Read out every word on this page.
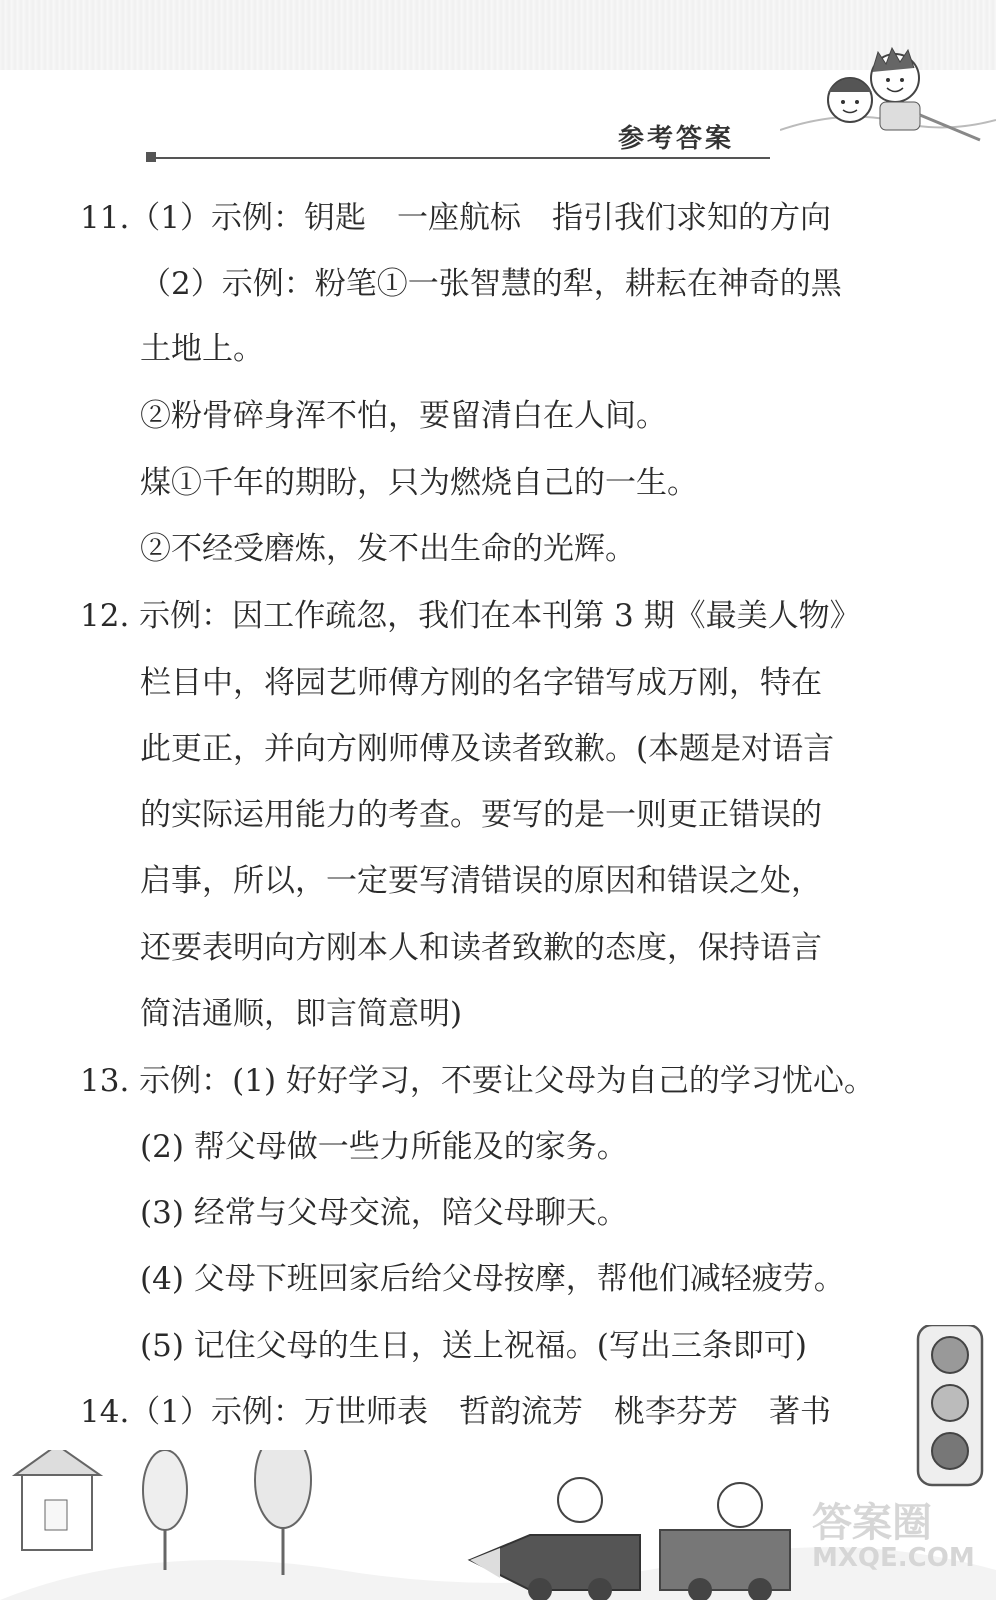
参考答案
11.（1）示例：钥匙　一座航标　指引我们求知的方向
（2）示例：粉笔①一张智慧的犁，耕耘在神奇的黑
土地上。
②粉骨碎身浑不怕，要留清白在人间。
煤①千年的期盼，只为燃烧自己的一生。
②不经受磨炼，发不出生命的光辉。
12. 示例：因工作疏忽，我们在本刊第 3 期《最美人物》
栏目中，将园艺师傅方刚的名字错写成万刚，特在
此更正，并向方刚师傅及读者致歉。(本题是对语言
的实际运用能力的考查。要写的是一则更正错误的
启事，所以，一定要写清错误的原因和错误之处，
还要表明向方刚本人和读者致歉的态度，保持语言
简洁通顺，即言简意明)
13. 示例：(1) 好好学习，不要让父母为自己的学习忧心。
(2) 帮父母做一些力所能及的家务。
(3) 经常与父母交流，陪父母聊天。
(4) 父母下班回家后给父母按摩，帮他们减轻疲劳。
(5) 记住父母的生日，送上祝福。(写出三条即可)
14.（1）示例：万世师表　哲韵流芳　桃李芬芳　著书
答案圈
MXQE.COM
